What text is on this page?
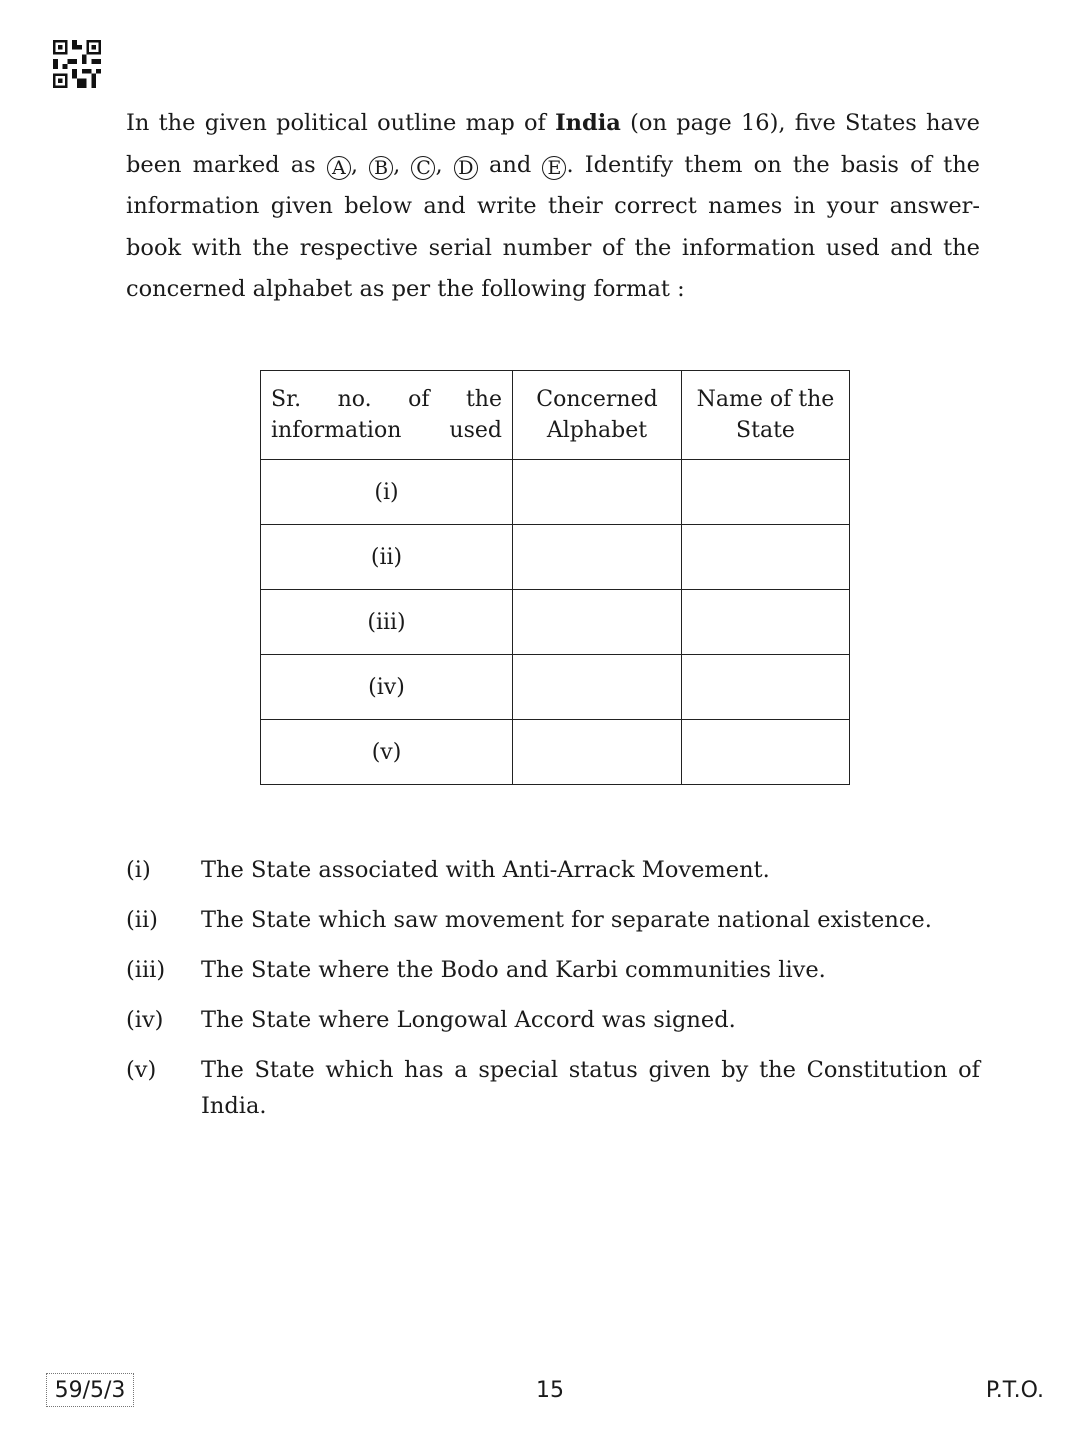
In the given political outline map of India (on page 16), five States have been marked as A , B , C , D and E . Identify them on the basis of the information given below and write their correct names in your answer-book with the respective serial number of the information used and the concerned alphabet as per the following format :

Sr. no. of the information used	Concerned Alphabet	Name of the State
(i)		
(ii)		
(iii)		
(iv)		
(v)		
(i)	The State associated with Anti-Arrack Movement.
(ii)	The State which saw movement for separate national existence.
(iii)	The State where the Bodo and Karbi communities live.
(iv)	The State where Longowal Accord was signed.
(v)	The State which has a special status given by the Constitution of India.
59/5/3	15	P.T.O.
